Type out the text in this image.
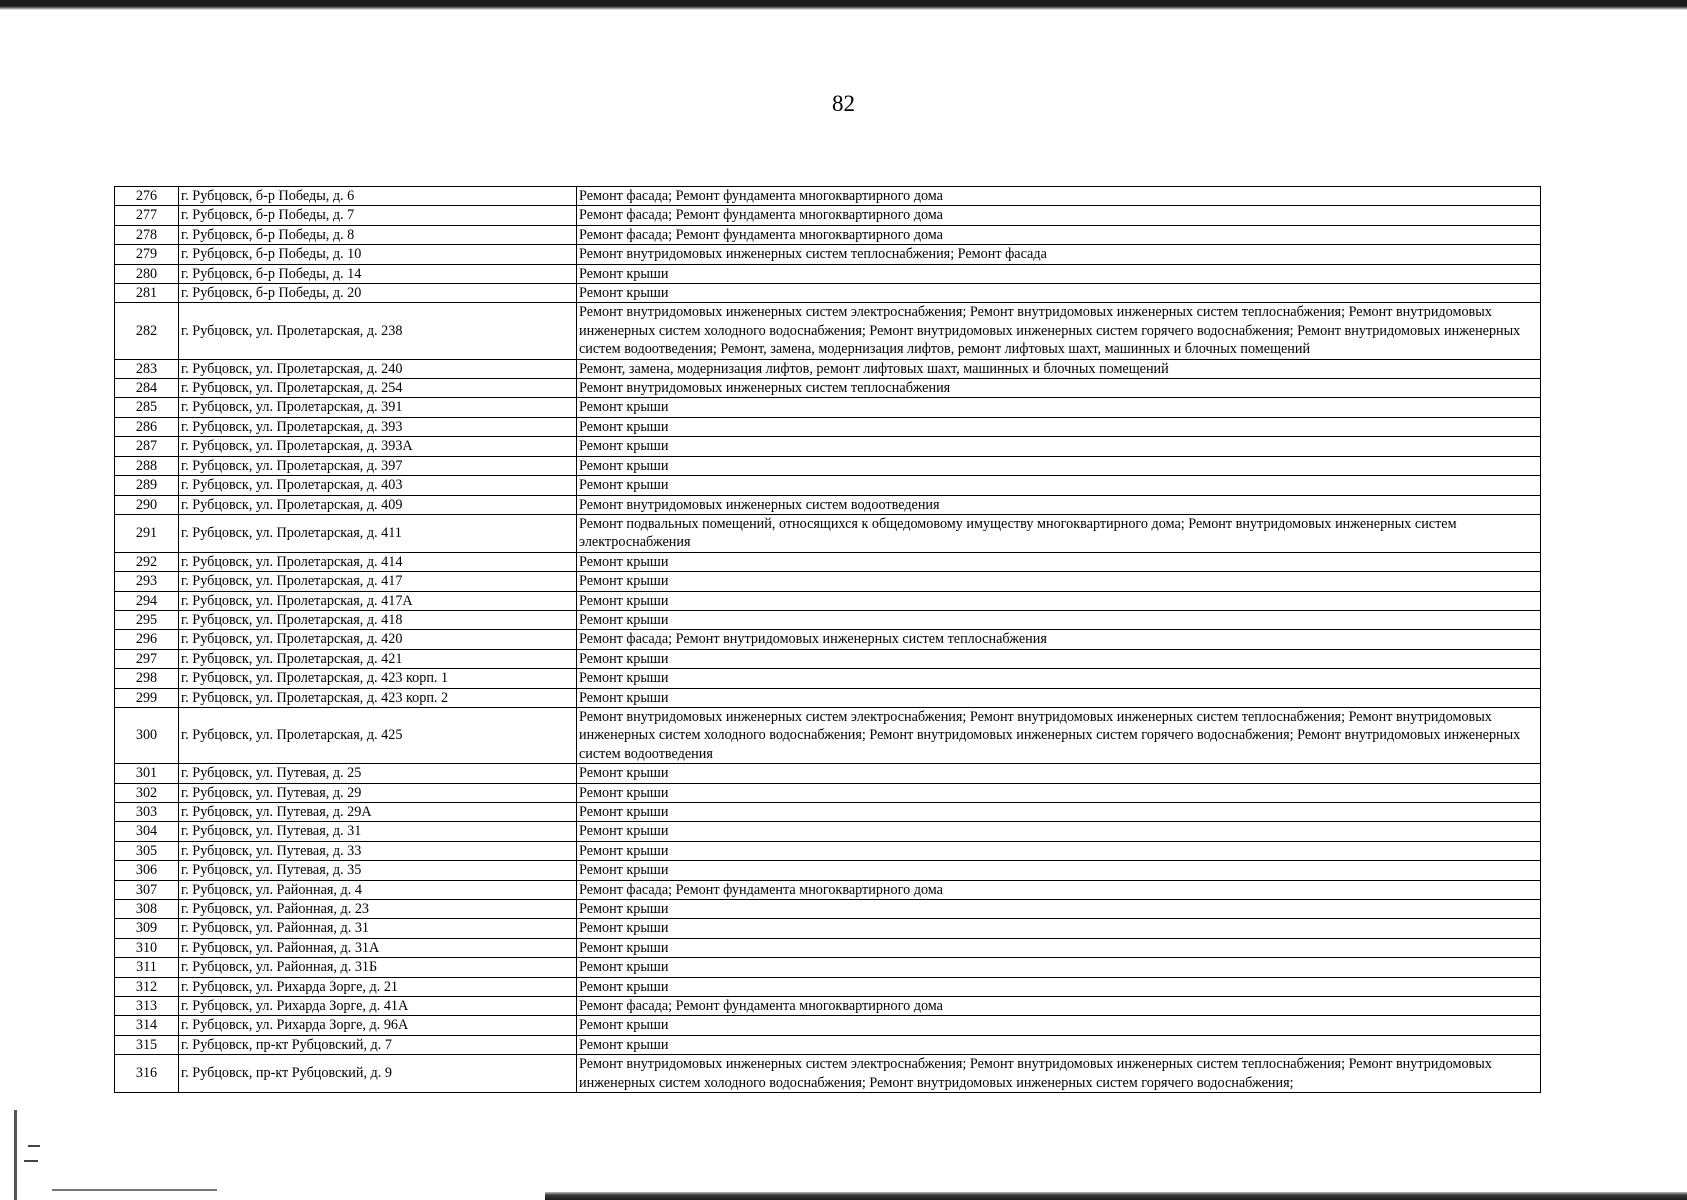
82
276	г. Рубцовск, б-р Победы, д. 6	Ремонт фасада; Ремонт фундамента многоквартирного дома
277	г. Рубцовск, б-р Победы, д. 7	Ремонт фасада; Ремонт фундамента многоквартирного дома
278	г. Рубцовск, б-р Победы, д. 8	Ремонт фасада; Ремонт фундамента многоквартирного дома
279	г. Рубцовск, б-р Победы, д. 10	Ремонт внутридомовых инженерных систем теплоснабжения; Ремонт фасада
280	г. Рубцовск, б-р Победы, д. 14	Ремонт крыши
281	г. Рубцовск, б-р Победы, д. 20	Ремонт крыши
282	г. Рубцовск, ул. Пролетарская, д. 238	Ремонт внутридомовых инженерных систем электроснабжения; Ремонт внутридомовых инженерных систем теплоснабжения; Ремонт внутридомовых инженерных систем холодного водоснабжения; Ремонт внутридомовых инженерных систем горячего водоснабжения; Ремонт внутридомовых инженерных систем водоотведения; Ремонт, замена, модернизация лифтов, ремонт лифтовых шахт, машинных и блочных помещений
283	г. Рубцовск, ул. Пролетарская, д. 240	Ремонт, замена, модернизация лифтов, ремонт лифтовых шахт, машинных и блочных помещений
284	г. Рубцовск, ул. Пролетарская, д. 254	Ремонт внутридомовых инженерных систем теплоснабжения
285	г. Рубцовск, ул. Пролетарская, д. 391	Ремонт крыши
286	г. Рубцовск, ул. Пролетарская, д. 393	Ремонт крыши
287	г. Рубцовск, ул. Пролетарская, д. 393А	Ремонт крыши
288	г. Рубцовск, ул. Пролетарская, д. 397	Ремонт крыши
289	г. Рубцовск, ул. Пролетарская, д. 403	Ремонт крыши
290	г. Рубцовск, ул. Пролетарская, д. 409	Ремонт внутридомовых инженерных систем водоотведения
291	г. Рубцовск, ул. Пролетарская, д. 411	Ремонт подвальных помещений, относящихся к общедомовому имуществу многоквартирного дома; Ремонт внутридомовых инженерных систем электроснабжения
292	г. Рубцовск, ул. Пролетарская, д. 414	Ремонт крыши
293	г. Рубцовск, ул. Пролетарская, д. 417	Ремонт крыши
294	г. Рубцовск, ул. Пролетарская, д. 417А	Ремонт крыши
295	г. Рубцовск, ул. Пролетарская, д. 418	Ремонт крыши
296	г. Рубцовск, ул. Пролетарская, д. 420	Ремонт фасада; Ремонт внутридомовых инженерных систем теплоснабжения
297	г. Рубцовск, ул. Пролетарская, д. 421	Ремонт крыши
298	г. Рубцовск, ул. Пролетарская, д. 423 корп. 1	Ремонт крыши
299	г. Рубцовск, ул. Пролетарская, д. 423 корп. 2	Ремонт крыши
300	г. Рубцовск, ул. Пролетарская, д. 425	Ремонт внутридомовых инженерных систем электроснабжения; Ремонт внутридомовых инженерных систем теплоснабжения; Ремонт внутридомовых инженерных систем холодного водоснабжения; Ремонт внутридомовых инженерных систем горячего водоснабжения; Ремонт внутридомовых инженерных систем водоотведения
301	г. Рубцовск, ул. Путевая, д. 25	Ремонт крыши
302	г. Рубцовск, ул. Путевая, д. 29	Ремонт крыши
303	г. Рубцовск, ул. Путевая, д. 29А	Ремонт крыши
304	г. Рубцовск, ул. Путевая, д. 31	Ремонт крыши
305	г. Рубцовск, ул. Путевая, д. 33	Ремонт крыши
306	г. Рубцовск, ул. Путевая, д. 35	Ремонт крыши
307	г. Рубцовск, ул. Районная, д. 4	Ремонт фасада; Ремонт фундамента многоквартирного дома
308	г. Рубцовск, ул. Районная, д. 23	Ремонт крыши
309	г. Рубцовск, ул. Районная, д. 31	Ремонт крыши
310	г. Рубцовск, ул. Районная, д. 31А	Ремонт крыши
311	г. Рубцовск, ул. Районная, д. 31Б	Ремонт крыши
312	г. Рубцовск, ул. Рихарда Зорге, д. 21	Ремонт крыши
313	г. Рубцовск, ул. Рихарда Зорге, д. 41А	Ремонт фасада; Ремонт фундамента многоквартирного дома
314	г. Рубцовск, ул. Рихарда Зорге, д. 96А	Ремонт крыши
315	г. Рубцовск, пр-кт Рубцовский, д. 7	Ремонт крыши
316	г. Рубцовск, пр-кт Рубцовский, д. 9	Ремонт внутридомовых инженерных систем электроснабжения; Ремонт внутридомовых инженерных систем теплоснабжения; Ремонт внутридомовых инженерных систем холодного водоснабжения; Ремонт внутридомовых инженерных систем горячего водоснабжения;
